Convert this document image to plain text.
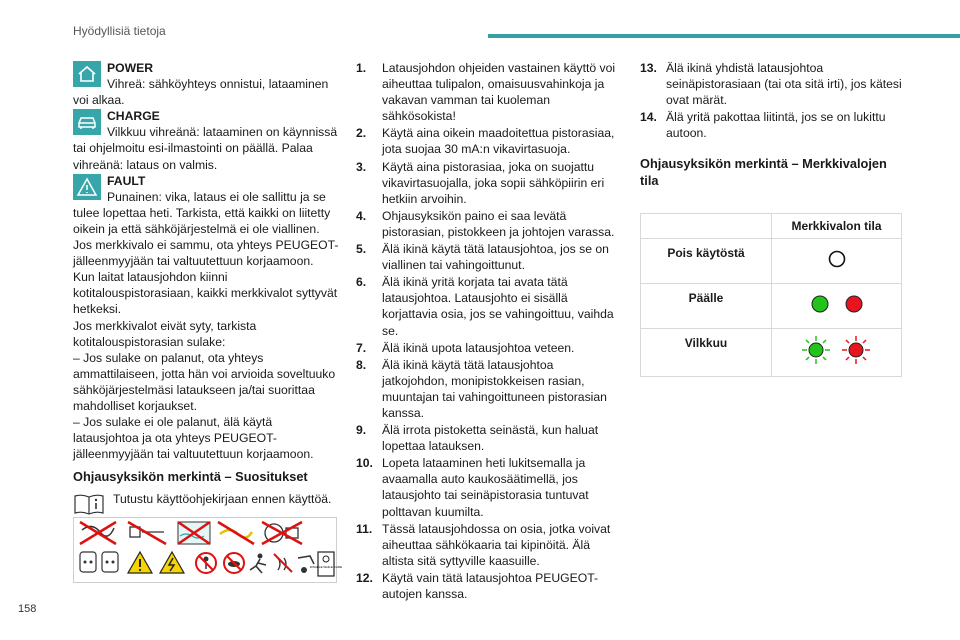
Hyödyllisiä tietoja

POWER
Vihreä: sähköyhteys onnistui, lataaminen voi alkaa.

CHARGE
Vilkkuu vihreänä: lataaminen on käynnissä tai ohjelmoitu esi-ilmastointi on päällä. Palaa vihreänä: lataus on valmis.

FAULT
Punainen: vika, lataus ei ole sallittu ja se tulee lopettaa heti. Tarkista, että kaikki on liitetty oikein ja että sähköjärjestelmä ei ole viallinen.

Jos merkkivalo ei sammu, ota yhteys PEUGEOT-jälleenmyyjään tai valtuutettuun korjaamoon.

Kun laitat latausjohdon kiinni kotitalouspistorasiaan, kaikki merkkivalot syttyvät hetkeksi.

Jos merkkivalot eivät syty, tarkista kotitalouspistorasian sulake:

– Jos sulake on palanut, ota yhteys ammattilaiseen, jotta hän voi arvioida soveltuuko sähköjärjestelmäsi lataukseen ja/tai suorittaa mahdolliset korjaukset.

– Jos sulake ei ole palanut, älä käytä latausjohtoa ja ota yhteys PEUGEOT-jälleenmyyjään tai valtuutettuun korjaamoon.

Ohjausyksikön merkintä – Suositukset
Tutustu käyttöohjekirjaan ennen käyttöä.
DISABLE WHILE CARE
1. Latausjohdon ohjeiden vastainen käyttö voi aiheuttaa tulipalon, omaisuusvahinkoja ja vakavan vamman tai kuoleman sähkösokista!
2. Käytä aina oikein maadoitettua pistorasiaa, jota suojaa 30 mA:n vikavirtasuoja.
3. Käytä aina pistorasiaa, joka on suojattu vikavirtasuojalla, joka sopii sähköpiirin eri hetkiin arvoihin.
4. Ohjausyksikön paino ei saa levätä pistorasian, pistokkeen ja johtojen varassa.
5. Älä ikinä käytä tätä latausjohtoa, jos se on viallinen tai vahingoittunut.
6. Älä ikinä yritä korjata tai avata tätä latausjohtoa. Latausjohto ei sisällä korjattavia osia, jos se vahingoittuu, vaihda se.
7. Älä ikinä upota latausjohtoa veteen.
8. Älä ikinä käytä tätä latausjohtoa jatkojohdon, monipistokkeisen rasian, muuntajan tai vahingoittuneen pistorasian kanssa.
9. Älä irrota pistoketta seinästä, kun haluat lopettaa latauksen.
10. Lopeta lataaminen heti lukitsemalla ja avaamalla auto kaukosäätimellä, jos latausjohto tai seinäpistorasia tuntuvat polttavan kuumilta.
11. Tässä latausjohdossa on osia, jotka voivat aiheuttaa sähkökaaria tai kipinöitä. Älä altista sitä syttyville kaasuille.
12. Käytä vain tätä latausjohtoa PEUGEOT-autojen kanssa.
13. Älä ikinä yhdistä latausjohtoa seinäpistorasiaan (tai ota sitä irti), jos kätesi ovat märät.
14. Älä yritä pakottaa liitintä, jos se on lukittu autoon.
Ohjausyksikön merkintä – Merkkivalojen tila
	Merkkivalon tila
Pois käytöstä	
Päälle	
Vilkkuu	
158
